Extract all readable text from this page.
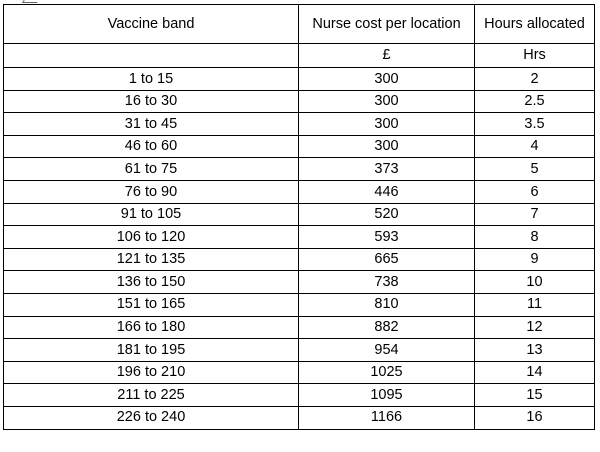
Vaccine band	Nurse cost per location	Hours allocated
	£	Hrs
1 to 15	300	2
16 to 30	300	2.5
31 to 45	300	3.5
46 to 60	300	4
61 to 75	373	5
76 to 90	446	6
91 to 105	520	7
106 to 120	593	8
121 to 135	665	9
136 to 150	738	10
151 to 165	810	11
166 to 180	882	12
181 to 195	954	13
196 to 210	1025	14
211 to 225	1095	15
226 to 240	1166	16
